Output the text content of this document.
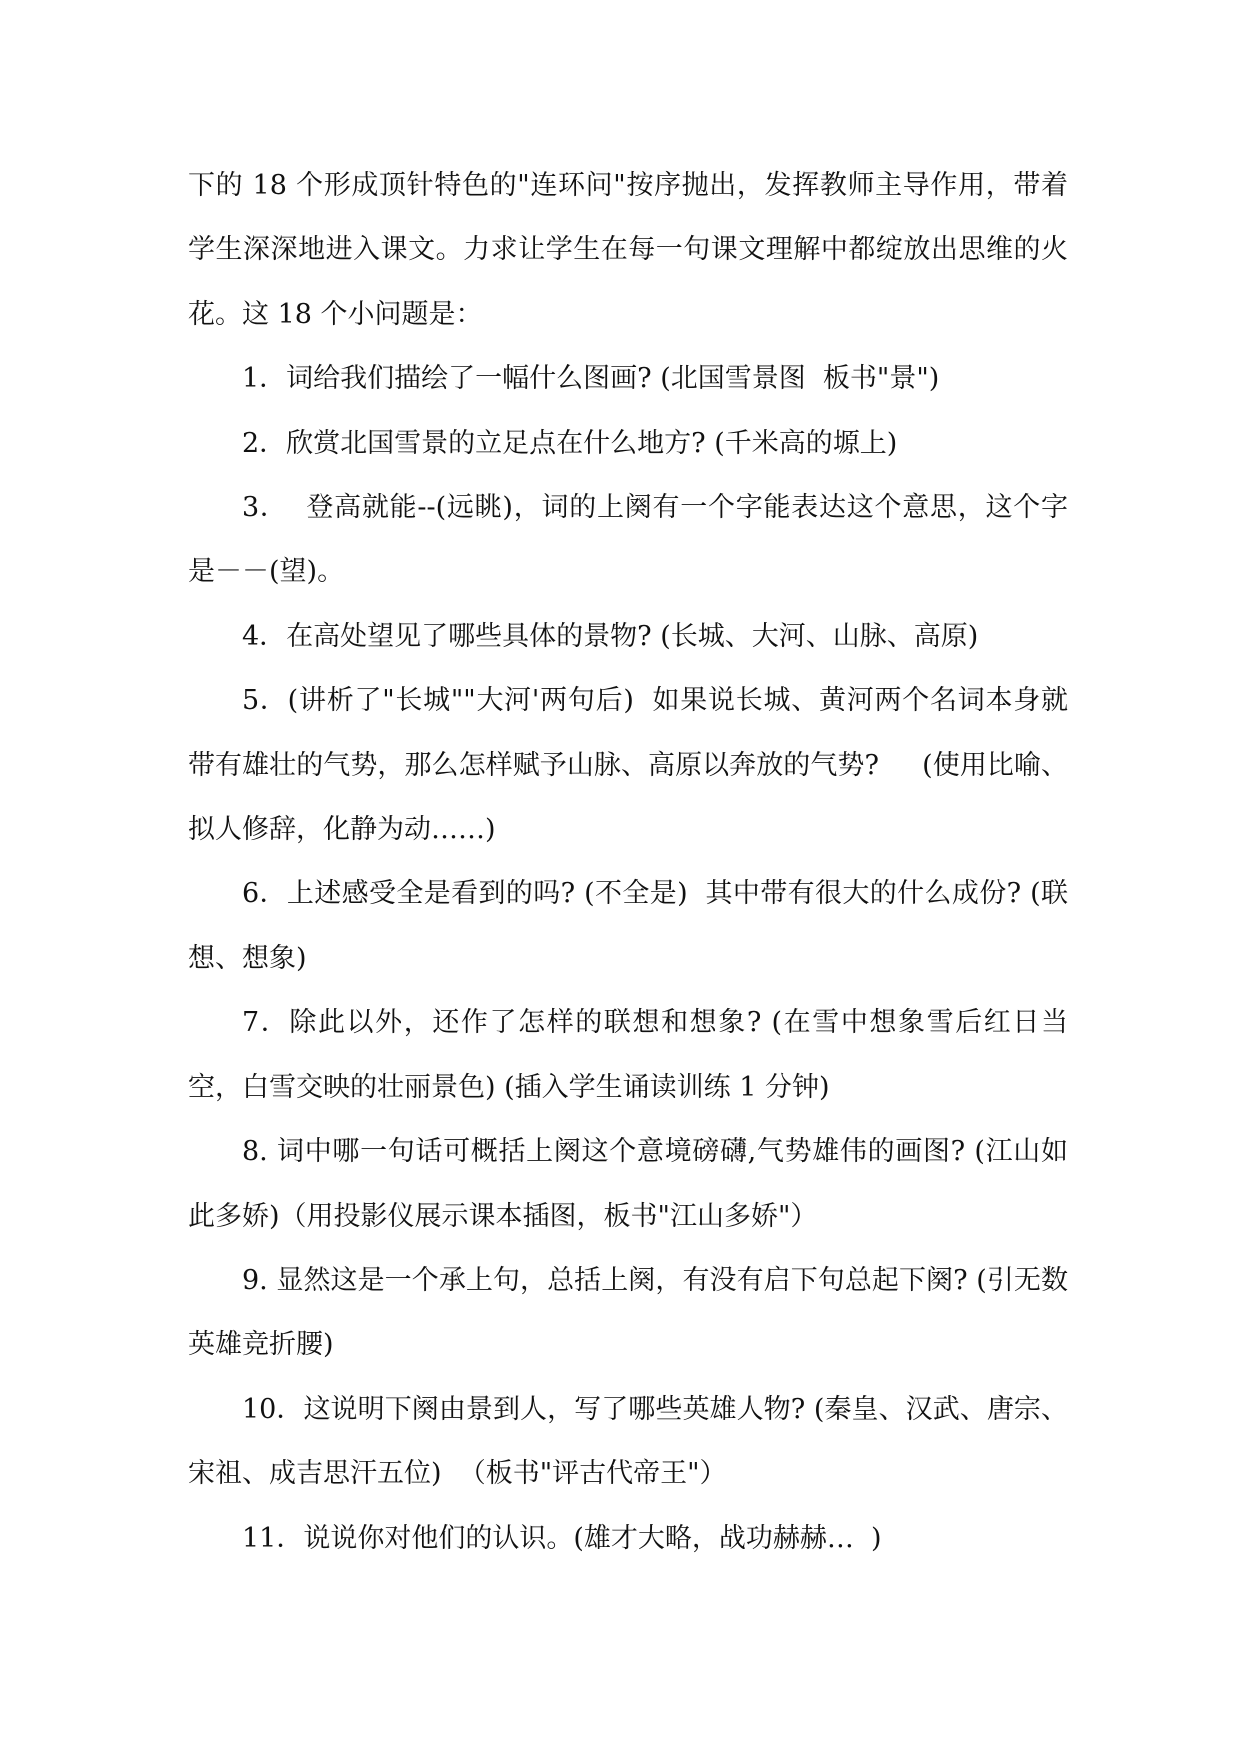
下的 18 个形成顶针特色的"连环问"按序抛出，发挥教师主导作用，带着学生深深地进入课文。力求让学生在每一句课文理解中都绽放出思维的火花。这 18 个小问题是：

1．词给我们描绘了一幅什么图画? (北国雪景图  板书"景")

2．欣赏北国雪景的立足点在什么地方? (千米高的塬上)

3．  登高就能--(远眺)，词的上阕有一个字能表达这个意思，这个字是－－(望)。

4．在高处望见了哪些具体的景物? (长城、大河、山脉、高原)

5．(讲析了"长城""大河'两句后)  如果说长城、黄河两个名词本身就带有雄壮的气势，那么怎样赋予山脉、高原以奔放的气势?     (使用比喻、拟人修辞，化静为动……)

6．上述感受全是看到的吗? (不全是)  其中带有很大的什么成份? (联想、想象)

7．除此以外，还作了怎样的联想和想象? (在雪中想象雪后红日当空，白雪交映的壮丽景色) (插入学生诵读训练 1 分钟)

8. 词中哪一句话可概括上阕这个意境磅礴,气势雄伟的画图? (江山如此多娇)（用投影仪展示课本插图，板书"江山多娇"）

9. 显然这是一个承上句，总括上阕，有没有启下句总起下阕? (引无数英雄竞折腰)

10．这说明下阕由景到人，写了哪些英雄人物? (秦皇、汉武、唐宗、宋祖、成吉思汗五位)  （板书"评古代帝王"）

11．说说你对他们的认识。(雄才大略，战功赫赫…  )
